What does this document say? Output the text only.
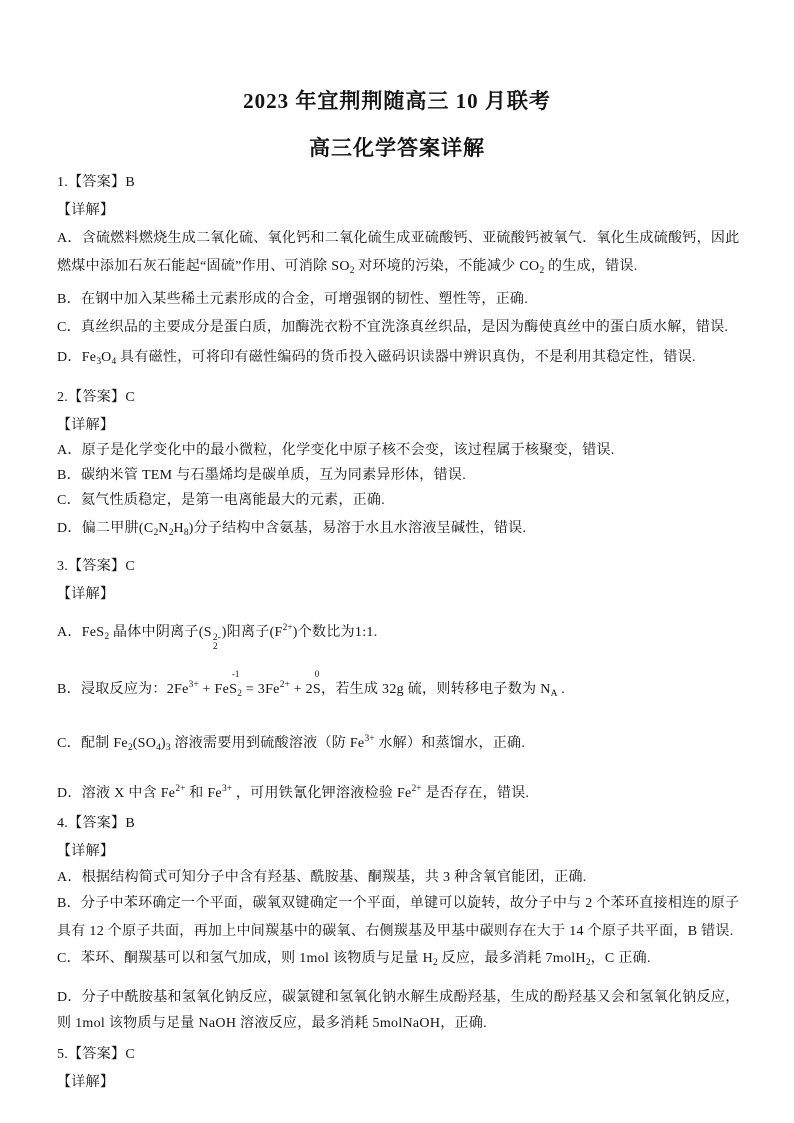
2023 年宜荆荆随高三 10 月联考
高三化学答案详解

1.【答案】B

【详解】

A．含硫燃料燃烧生成二氧化硫、氧化钙和二氧化硫生成亚硫酸钙、亚硫酸钙被氧气．氧化生成硫酸钙，因此

燃煤中添加石灰石能起“固硫”作用、可消除 $SO_2$ 对环境的污染，不能减少 $CO_2$ 的生成，错误.

B．在钢中加入某些稀土元素形成的合金，可增强钢的韧性、塑性等，正确.

C．真丝织品的主要成分是蛋白质，加酶洗衣粉不宜洗涤真丝织品，是因为酶使真丝中的蛋白质水解，错误.

D．$Fe_3O_4$ 具有磁性，可将印有磁性编码的货币投入磁码识读器中辨识真伪，不是利用其稳定性，错误.

2.【答案】C

【详解】

A．原子是化学变化中的最小微粒，化学变化中原子核不会变，该过程属于核聚变，错误.

B．碳纳米管 TEM 与石墨烯均是碳单质，互为同素异形体，错误.

C．氦气性质稳定，是第一电离能最大的元素，正确.

D．偏二甲肼$(C_2N_2H_8)$分子结构中含氨基，易溶于水且水溶液呈碱性，错误.

3.【答案】C

【详解】

A．FeS$_2$ 晶体中阴离子(S 2-
2
)阳离子$(F^{2+})$个数比为1:1.

B．浸取反应为：$2Fe^{3+} + Fe$
-1
$S_2 = 3Fe^{2+} + 2$
0
S，若生成 32g 硫，则转移电子数为 $N_A$ .

C．配制 $Fe_2(SO_4)_3$ 溶液需要用到硫酸溶液（防 $Fe^{3+}$ 水解）和蒸馏水，正确.

D．溶液 X 中含 $Fe^{2+}$ 和 $Fe^{3+}$ ，可用铁氰化钾溶液检验 $Fe^{2+}$ 是否存在，错误.

4.【答案】B

【详解】

A．根据结构简式可知分子中含有羟基、酰胺基、酮羰基，共 3 种含氧官能团，正确.

B．分子中苯环确定一个平面，碳氧双键确定一个平面，单键可以旋转，故分子中与 2 个苯环直接相连的原子

具有 12 个原子共面，再加上中间羰基中的碳氧、右侧羰基及甲基中碳则存在大于 14 个原子共平面，B 错误.

C．苯环、酮羰基可以和氢气加成，则 1mol 该物质与足量 $H_2$ 反应，最多消耗 7molH$_2$，C 正确.

D．分子中酰胺基和氢氧化钠反应，碳氯键和氢氧化钠水解生成酚羟基，生成的酚羟基又会和氢氧化钠反应，

则 1mol 该物质与足量 NaOH 溶液反应，最多消耗 5molNaOH，正确.

5.【答案】C

【详解】
